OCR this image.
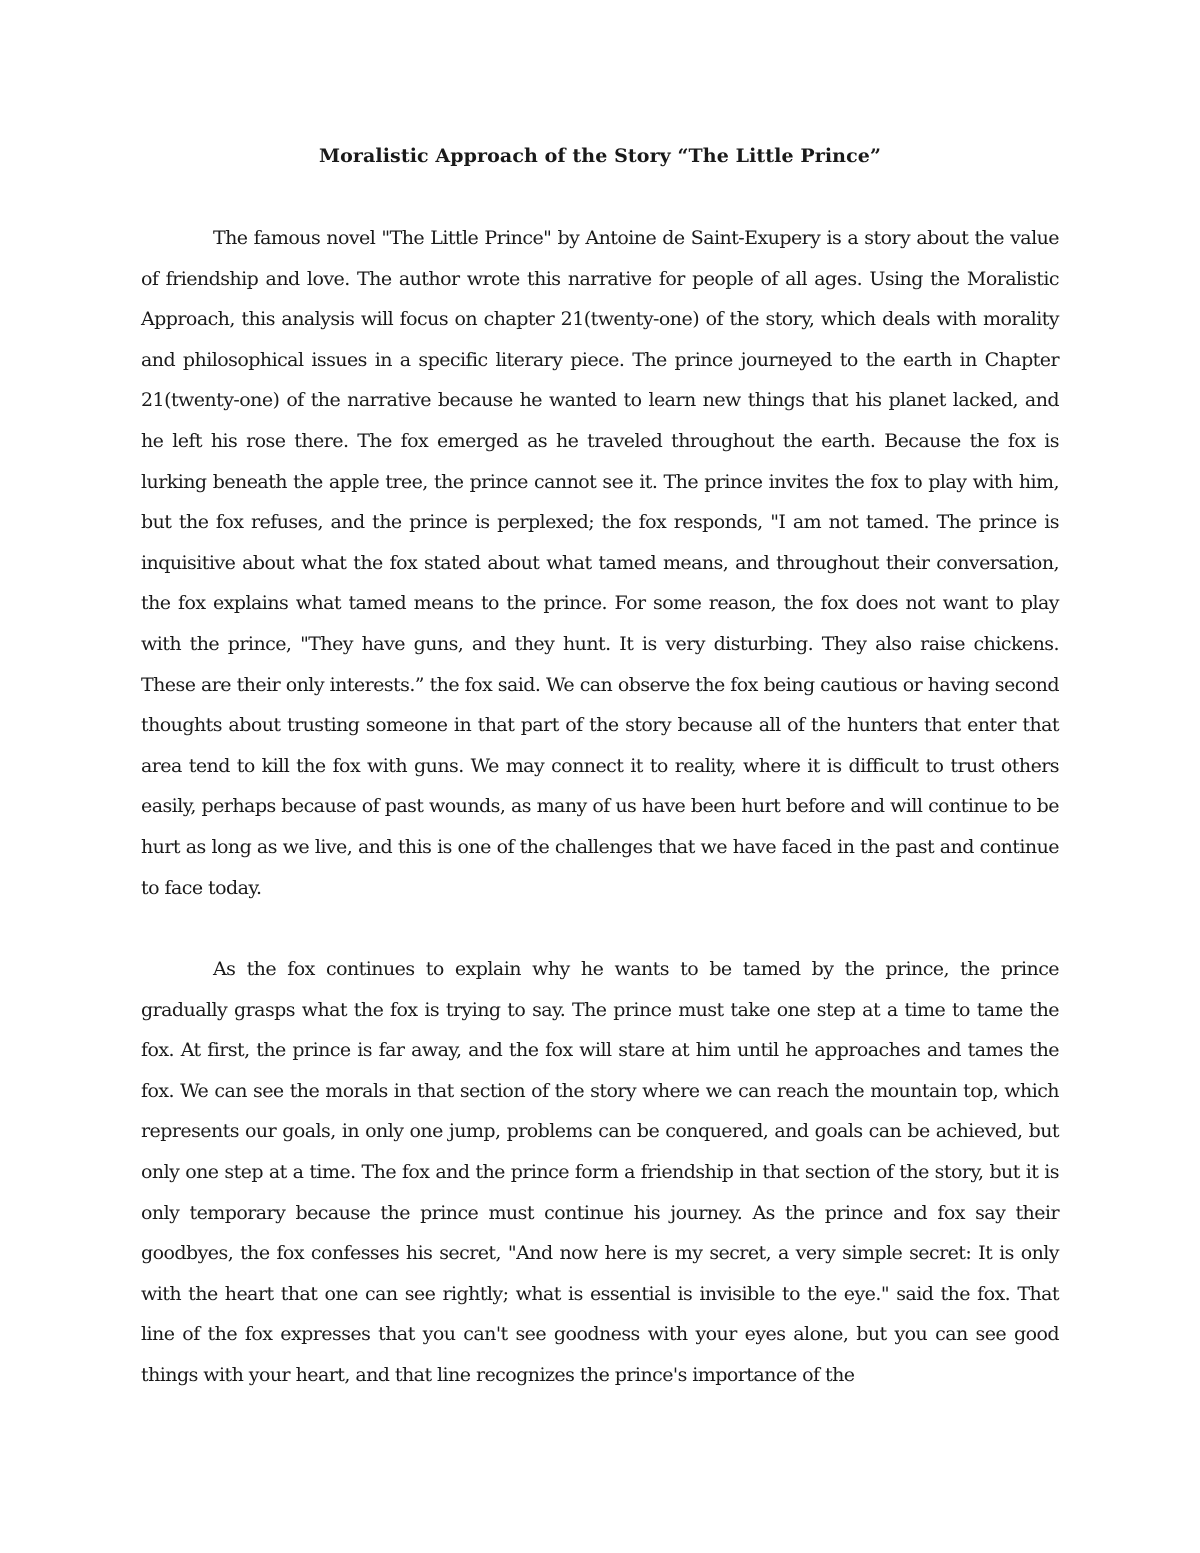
Moralistic Approach of the Story “The Little Prince”

The famous novel "The Little Prince" by Antoine de Saint-Exupery is a story about the value of friendship and love. The author wrote this narrative for people of all ages. Using the Moralistic Approach, this analysis will focus on chapter 21(twenty-one) of the story, which deals with morality and philosophical issues in a specific literary piece. The prince journeyed to the earth in Chapter 21(twenty-one) of the narrative because he wanted to learn new things that his planet lacked, and he left his rose there. The fox emerged as he traveled throughout the earth. Because the fox is lurking beneath the apple tree, the prince cannot see it. The prince invites the fox to play with him, but the fox refuses, and the prince is perplexed; the fox responds, "I am not tamed. The prince is inquisitive about what the fox stated about what tamed means, and throughout their conversation, the fox explains what tamed means to the prince. For some reason, the fox does not want to play with the prince, "They have guns, and they hunt. It is very disturbing. They also raise chickens. These are their only interests.” the fox said. We can observe the fox being cautious or having second thoughts about trusting someone in that part of the story because all of the hunters that enter that area tend to kill the fox with guns. We may connect it to reality, where it is difficult to trust others easily, perhaps because of past wounds, as many of us have been hurt before and will continue to be hurt as long as we live, and this is one of the challenges that we have faced in the past and continue to face today.

As the fox continues to explain why he wants to be tamed by the prince, the prince gradually grasps what the fox is trying to say. The prince must take one step at a time to tame the fox. At first, the prince is far away, and the fox will stare at him until he approaches and tames the fox. We can see the morals in that section of the story where we can reach the mountain top, which represents our goals, in only one jump, problems can be conquered, and goals can be achieved, but only one step at a time. The fox and the prince form a friendship in that section of the story, but it is only temporary because the prince must continue his journey. As the prince and fox say their goodbyes, the fox confesses his secret, "And now here is my secret, a very simple secret: It is only with the heart that one can see rightly; what is essential is invisible to the eye." said the fox. That line of the fox expresses that you can't see goodness with your eyes alone, but you can see good things with your heart, and that line recognizes the prince's importance of the
